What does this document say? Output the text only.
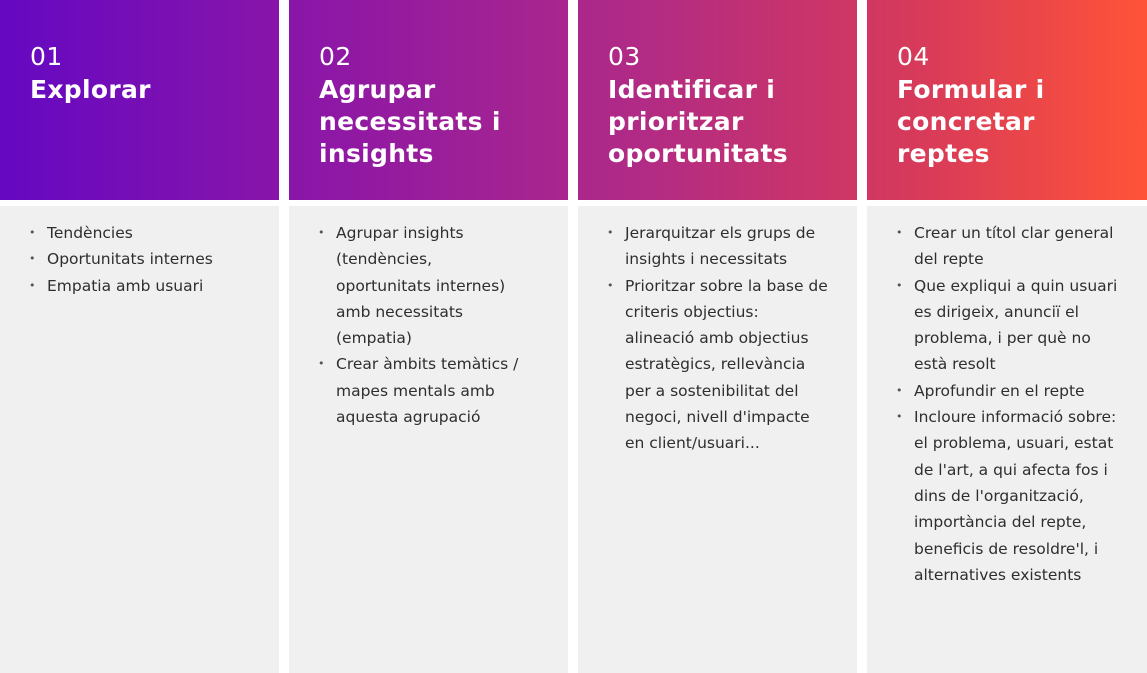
01
Explorar
• Tendències
• Oportunitats internes
• Empatia amb usuari
02
Agrupar necessitats i insights
• Agrupar insights (tendències, oportunitats internes) amb necessitats (empatia)
• Crear àmbits temàtics / mapes mentals amb aquesta agrupació
03
Identificar i prioritzar oportunitats
• Jerarquitzar els grups de insights i necessitats
• Prioritzar sobre la base de criteris objectius: alineació amb objectius estratègics, rellevància per a sostenibilitat del negoci, nivell d'impacte en client/usuari...
04
Formular i concretar reptes
• Crear un títol clar general del repte
• Que expliqui a quin usuari es dirigeix, anunciï el problema, i per què no està resolt
• Aprofundir en el repte
• Incloure informació sobre: el problema, usuari, estat de l'art, a qui afecta fos i dins de l'organització, importància del repte, beneficis de resoldre'l, i alternatives existents
